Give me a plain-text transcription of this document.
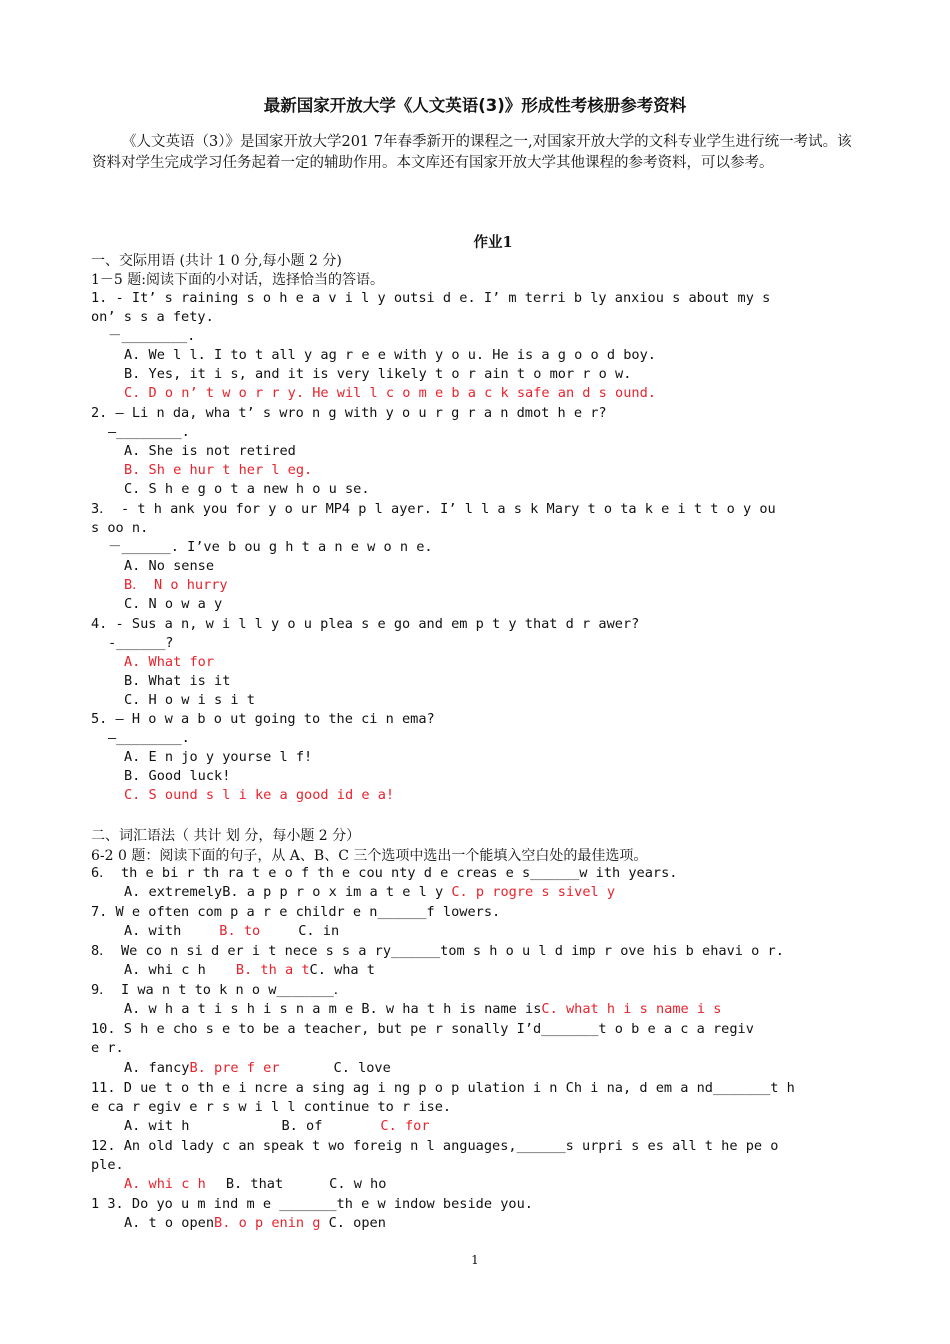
最新国家开放大学《人文英语(3)》形成性考核册参考资料
《人文英语（3）》是国家开放大学201 7年春季新开的课程之一,对国家开放大学的文科专业学生进行统一考试。该资料对学生完成学习任务起着一定的辅助作用。本文库还有国家开放大学其他课程的参考资料，可以参考。
作业1
一、交际用语 (共计 1 0 分,每小题 2 分)
1－5 题:阅读下面的小对话，选择恰当的答语。
1. - It’ s raining s o h e a v i l y outsi d e. I’ m terri b ly anxiou s about my s
on’ s s a fety.
－________.
A. We l l. I to t all y ag r e e with y o u. He is a g o o d boy.
B. Yes, it i s, and it is very likely t o r ain t o mor r o w.
C. D o n’ t w o r r y. He wil l c o m e b a c k safe an d s ound.
2. — Li n da, wha t’ s wro n g with y o u r g r a n dmot h e r?
—________.
A. She is not retired
B. Sh e hur t her l eg.
C. S h e g o t a new h o u se.
3． - t h ank you for y o ur MP4 p l ayer. I’ l l a s k Mary t o ta k e i t t o y ou
s oo n.
－______. I’ve b ou g h t a n e w o n e.
A. No sense
B． N o hurry
C. N o w a y
4. - Sus a n, w i l l y o u plea s e go and em p t y that d r awer?
-______?
A. What for
B. What is it
C. H o w i s i t
5. — H o w a b o ut going to the ci n ema?
—________.
A. E n jo y yourse l f!
B. Good luck!
C. S ound s l i ke a good id e a!
二、词汇语法（ 共计 划 分，每小题 2 分）
6-2 0 题：阅读下面的句子，从 A、B、C 三个选项中选出一个能填入空白处的最佳选项。
6． th e bi r th ra t e o f th e cou nty d e creas e s______w ith years.
A. extremelyB. a p p r o x im a t e l y C. p rogre s sivel y
7. W e often com p a r e childr e n______f lowers.
A. with	B. to	C. in
8． We co n si d er i t nece s s a ry______tom s h o u l d imp r ove his b ehavi o r.
A. whi c h B. th a tC. wha t
9． I wa n t to k n o w_______．
A. w h a t i s h i s n a m e B. w ha t h is name isC. what h i s name i s
10. S h e cho s e to be a teacher, but pe r sonally I’d_______t o b e a c a regiv
e r.
A. fancyB. pre f er	C. love
11. D ue t o th e i ncre a sing ag i ng p o p ulation i n Ch i na, d em a nd_______t h
e ca r egiv e r s w i l l continue to r ise.
A. wit h	B. of	C. for
12. An old lady c an speak t wo foreig n l anguages,______s urpri s es all t he pe o
ple.
A. whi c h B. that	C. w ho
1 3. Do yo u m ind m e _______th e w indow beside you.
A. t o openB. o p enin g C. open
1
